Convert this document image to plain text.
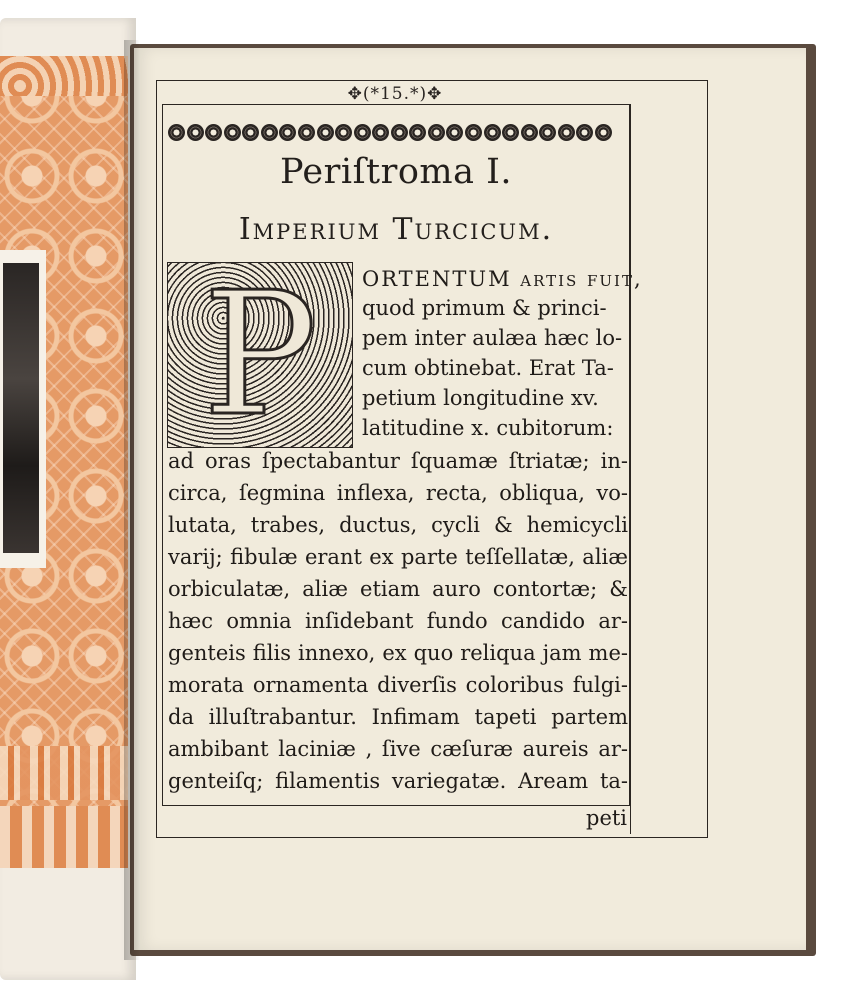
✥(*15.*)✥
Periſtroma I.
Imperium Turcicum.
P	ORTENTUM artis fuit,
quod primum & princi-
pem inter aulæa hæc lo-
cum obtinebat. Erat Ta-
petium longitudine xv.
latitudine x. cubitorum:
ad oras ſpectabantur ſquamæ ſtriatæ; in-
circa, ſegmina inflexa, recta, obliqua, vo-
lutata, trabes, ductus, cycli & hemicycli
varij; fibulæ erant ex parte teſſellatæ, aliæ
orbiculatæ, aliæ etiam auro contortæ; &
hæc omnia inſidebant fundo candido ar-
genteis filis innexo, ex quo reliqua jam me-
morata ornamenta diverſis coloribus fulgi-
da illuſtrabantur. Infimam tapeti partem
ambibant laciniæ , ſive cæſuræ aureis ar-
genteiſq; filamentis variegatæ. Aream ta-
peti
